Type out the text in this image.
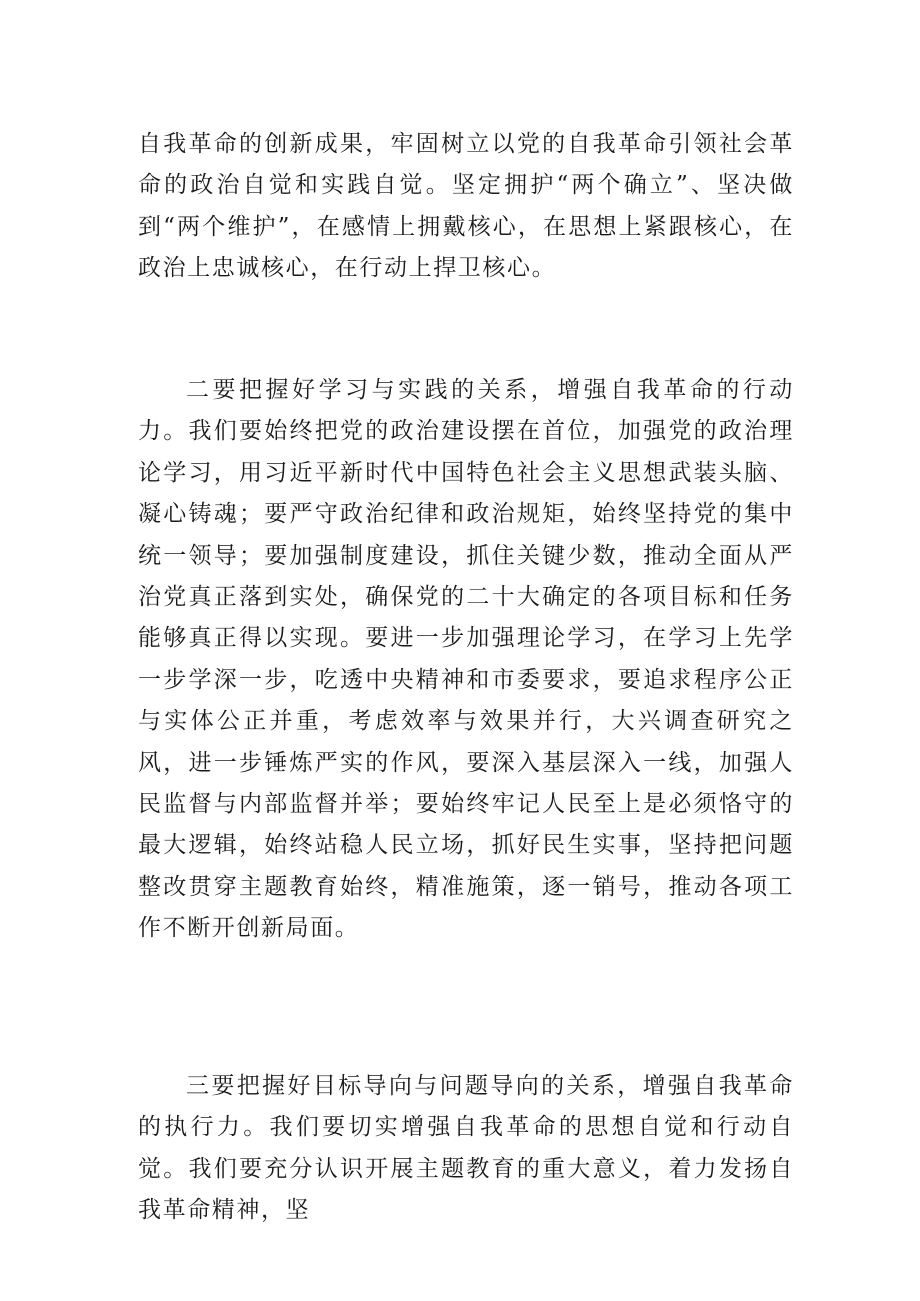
自我革命的创新成果，牢固树立以党的自我革命引领社会革命的政治自觉和实践自觉。坚定拥护“两个确立”、坚决做到“两个维护”，在感情上拥戴核心，在思想上紧跟核心，在政治上忠诚核心，在行动上捍卫核心。

二要把握好学习与实践的关系，增强自我革命的行动力。我们要始终把党的政治建设摆在首位，加强党的政治理论学习，用习近平新时代中国特色社会主义思想武装头脑、凝心铸魂；要严守政治纪律和政治规矩，始终坚持党的集中统一领导；要加强制度建设，抓住关键少数，推动全面从严治党真正落到实处，确保党的二十大确定的各项目标和任务能够真正得以实现。要进一步加强理论学习，在学习上先学一步学深一步，吃透中央精神和市委要求，要追求程序公正与实体公正并重，考虑效率与效果并行，大兴调查研究之风，进一步锤炼严实的作风，要深入基层深入一线，加强人民监督与内部监督并举；要始终牢记人民至上是必须恪守的最大逻辑，始终站稳人民立场，抓好民生实事，坚持把问题整改贯穿主题教育始终，精准施策，逐一销号，推动各项工作不断开创新局面。

三要把握好目标导向与问题导向的关系，增强自我革命的执行力。我们要切实增强自我革命的思想自觉和行动自觉。我们要充分认识开展主题教育的重大意义，着力发扬自我革命精神，坚
